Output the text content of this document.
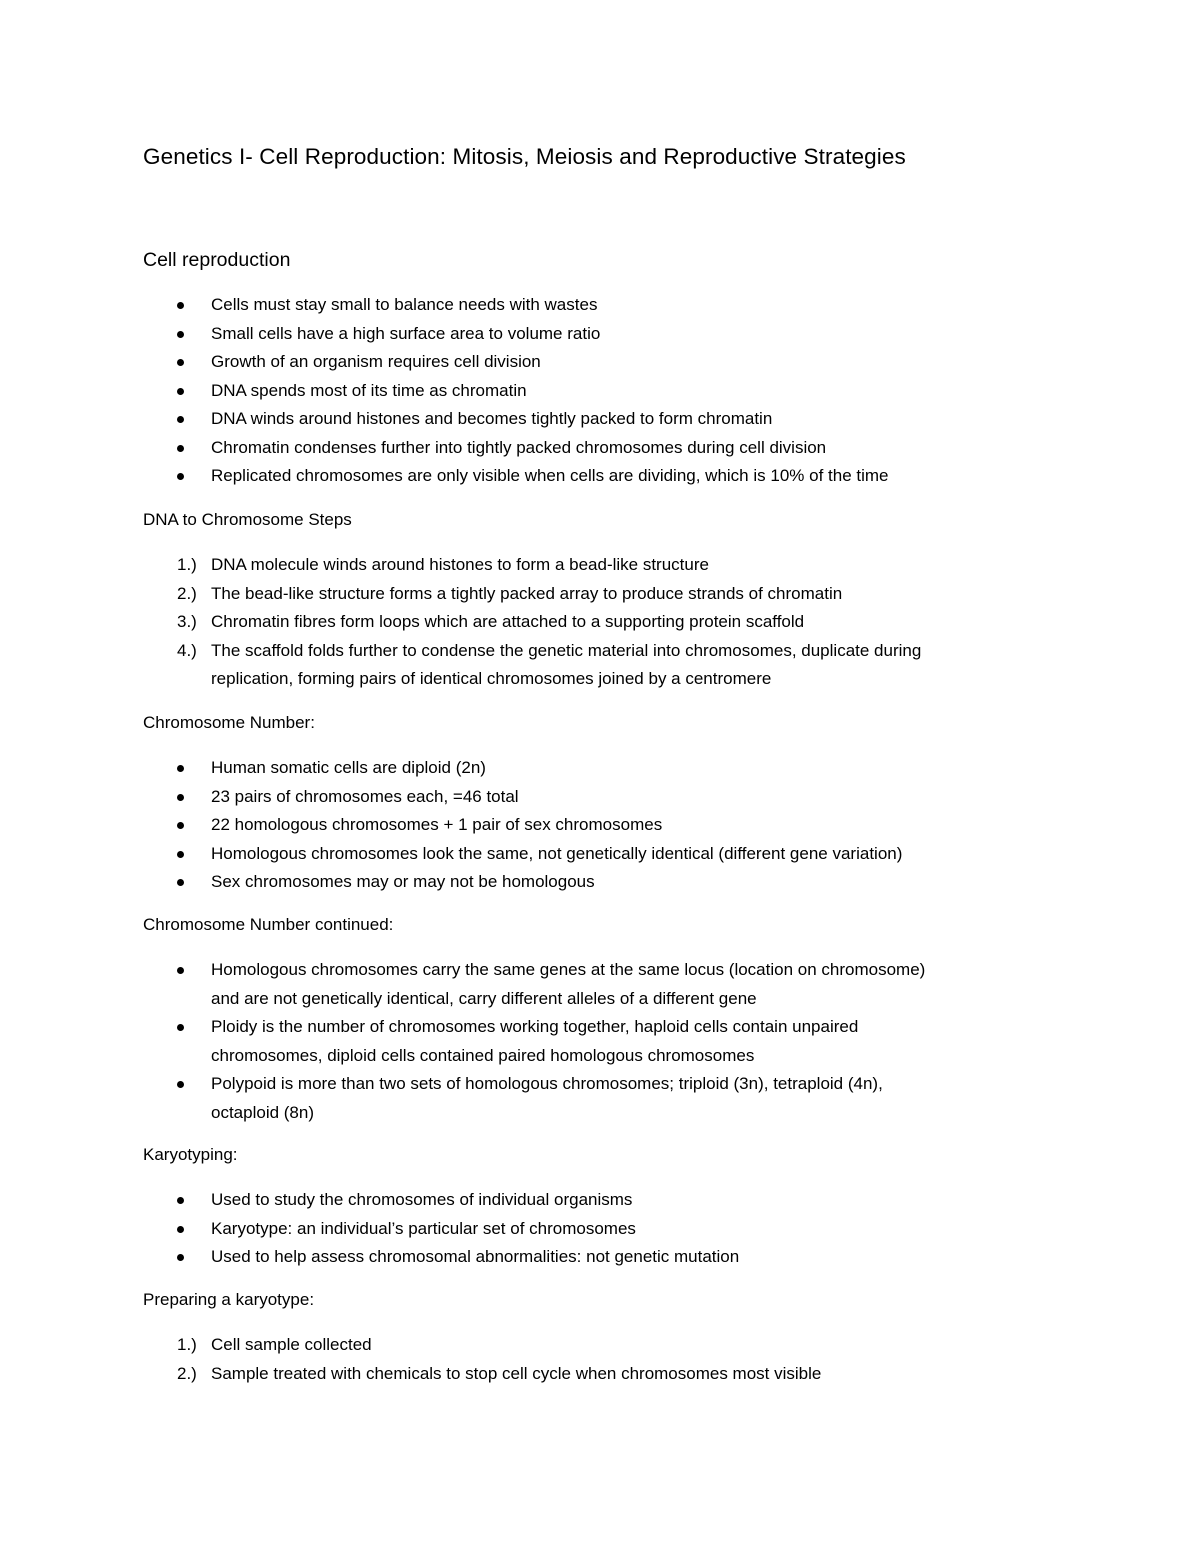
Genetics I- Cell Reproduction: Mitosis, Meiosis and Reproductive Strategies
Cell reproduction
Cells must stay small to balance needs with wastes
Small cells have a high surface area to volume ratio
Growth of an organism requires cell division
DNA spends most of its time as chromatin
DNA winds around histones and becomes tightly packed to form chromatin
Chromatin condenses further into tightly packed chromosomes during cell division
Replicated chromosomes are only visible when cells are dividing, which is 10% of the time

DNA to Chromosome Steps

1.) DNA molecule winds around histones to form a bead-like structure
2.) The bead-like structure forms a tightly packed array to produce strands of chromatin
3.) Chromatin fibres form loops which are attached to a supporting protein scaffold
4.) The scaffold folds further to condense the genetic material into chromosomes, duplicate during
replication, forming pairs of identical chromosomes joined by a centromere

Chromosome Number:

Human somatic cells are diploid (2n)
23 pairs of chromosomes each, =46 total
22 homologous chromosomes + 1 pair of sex chromosomes
Homologous chromosomes look the same, not genetically identical (different gene variation)
Sex chromosomes may or may not be homologous

Chromosome Number continued:

Homologous chromosomes carry the same genes at the same locus (location on chromosome)
and are not genetically identical, carry different alleles of a different gene
Ploidy is the number of chromosomes working together, haploid cells contain unpaired
chromosomes, diploid cells contained paired homologous chromosomes
Polypoid is more than two sets of homologous chromosomes; triploid (3n), tetraploid (4n),
octaploid (8n)

Karyotyping:

Used to study the chromosomes of individual organisms
Karyotype: an individual’s particular set of chromosomes
Used to help assess chromosomal abnormalities: not genetic mutation

Preparing a karyotype:

1.) Cell sample collected
2.) Sample treated with chemicals to stop cell cycle when chromosomes most visible
